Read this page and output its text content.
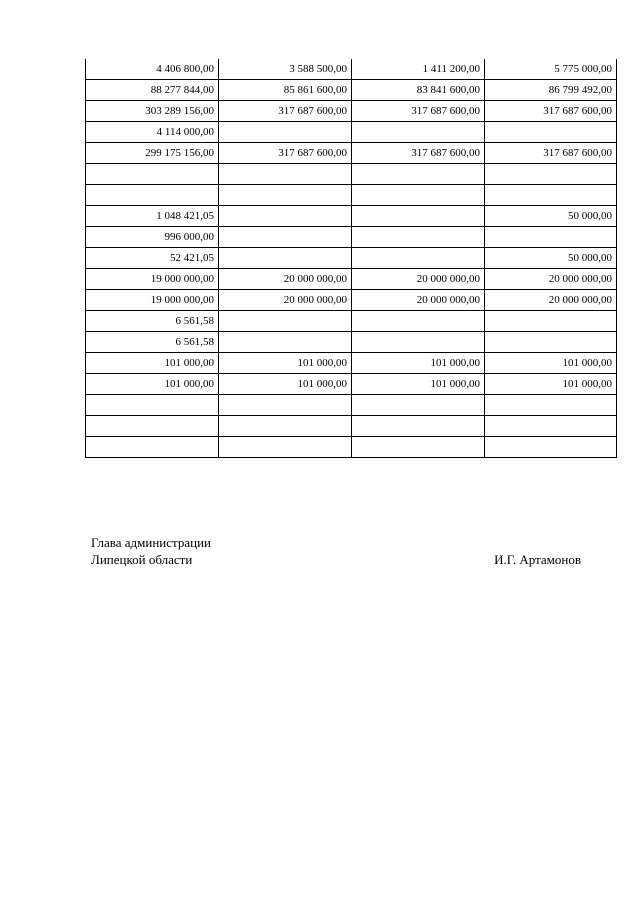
4 406 800,00	3 588 500,00	1 411 200,00	5 775 000,00
88 277 844,00	85 861 600,00	83 841 600,00	86 799 492,00
303 289 156,00	317 687 600,00	317 687 600,00	317 687 600,00
4 114 000,00			
299 175 156,00	317 687 600,00	317 687 600,00	317 687 600,00

1 048 421,05			50 000,00
996 000,00			
52 421,05			50 000,00
19 000 000,00	20 000 000,00	20 000 000,00	20 000 000,00
19 000 000,00	20 000 000,00	20 000 000,00	20 000 000,00
6 561,58			
6 561,58			
101 000,00	101 000,00	101 000,00	101 000,00
101 000,00	101 000,00	101 000,00	101 000,00

Глава администрации
Липецкой области	И.Г. Артамонов
